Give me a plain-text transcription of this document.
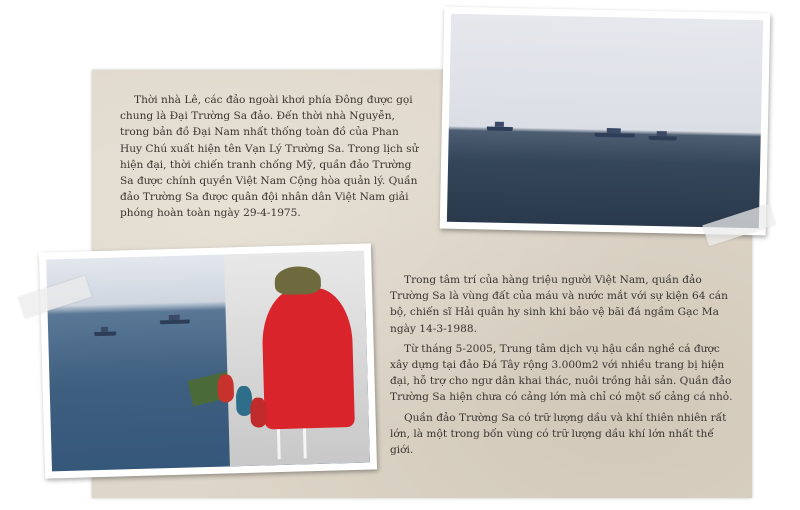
Thời nhà Lê, các đảo ngoài khơi phía Đông được gọi chung là Đại Trường Sa đảo. Đến thời nhà Nguyễn, trong bản đồ Đại Nam nhất thống toàn đồ của Phan Huy Chú xuất hiện tên Vạn Lý Trường Sa. Trong lịch sử hiện đại, thời chiến tranh chống Mỹ, quần đảo Trường Sa được chính quyền Việt Nam Cộng hòa quản lý. Quần đảo Trường Sa được quân đội nhân dân Việt Nam giải phóng hoàn toàn ngày 29-4-1975.

Trong tâm trí của hàng triệu người Việt Nam, quần đảo Trường Sa là vùng đất của máu và nước mắt với sự kiện 64 cán bộ, chiến sĩ Hải quân hy sinh khi bảo vệ bãi đá ngầm Gạc Ma ngày 14-3-1988.

Từ tháng 5-2005, Trung tâm dịch vụ hậu cần nghề cá được xây dựng tại đảo Đá Tây rộng 3.000m2 với nhiều trang bị hiện đại, hỗ trợ cho ngư dân khai thác, nuôi trồng hải sản. Quần đảo Trường Sa hiện chưa có cảng lớn mà chỉ có một số cảng cá nhỏ.

Quần đảo Trường Sa có trữ lượng dầu và khí thiên nhiên rất lớn, là một trong bốn vùng có trữ lượng dầu khí lớn nhất thế giới.
